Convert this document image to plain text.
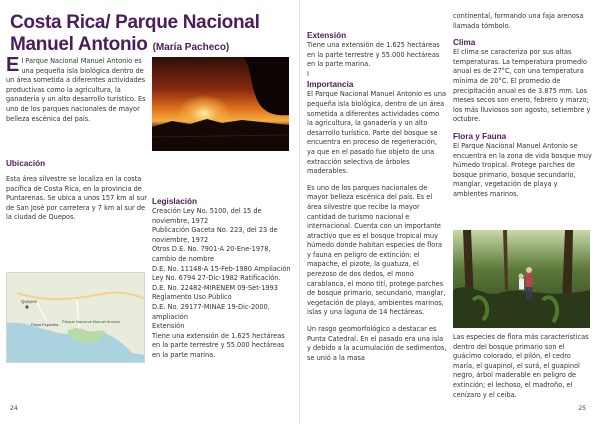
Costa Rica/ Parque Nacional
Manuel Antonio (María Pacheco)
El Parque Nacional Manuel Antonio es una pequeña isla biológica dentro de un área sometida a diferentes actividades productivas como la agricultura, la ganadería y un alto desarrollo turístico. Es uno de los parques nacionales de mayor belleza escénica del país.
Ubicación
Esta área silvestre se localiza en la costa pacífica de Costa Rica, en la provincia de Puntarenas. Se ubica a unos 157 km al sur de San José por carretera y 7 km al sur de la ciudad de Quepos.
Legislación
Creación Ley No. 5100, del 15 de noviembre, 1972
Publicación Gaceta No. 223, del 23 de noviembre, 1972
Otros D.E. No. 7901-A 20-Ene-1978, cambio de nombre
D.E. No. 11148-A 15-Feb-1980 Ampliación
Ley No. 6794 27-Dic-1982 Ratificación.
D.E. No. 22482-MIRENEM 09-Set-1993
Reglamento Uso Público
D.E. No. 29177-MINAE 19-Dic-2000, ampliación
Extensión
Tiene una extensión de 1.625 hectáreas en la parte terrestre y 55.000 hectáreas en la parte marina.
Quepos
Playa Espadilla
Parque Nacional Manuel Antonio
24
Extensión
Tiene una extensión de 1.625 hectáreas en la parte terrestre y 55.000 hectáreas en la parte marina.
I
Importancia

El Parque Nacional Manuel Antonio es una pequeña isla biológica, dentro de un área sometida a diferentes actividades como la agricultura, la ganadería y un alto desarrollo turístico. Parte del bosque se encuentra en proceso de regeneración, ya que en el pasado fue objeto de una extracción selectiva de árboles maderables.

Es uno de los parques nacionales de mayor belleza escénica del país. Es el área silvestre que recibe la mayor cantidad de turismo nacional e internacional. Cuenta con un importante atractivo que es el bosque tropical muy húmedo donde habitan especies de flora y fauna en peligro de extinción: el mapache, el pizote, la guatuza, el perezoso de dos dedos, el mono carablanca, el mono tití, protege parches de bosque primario, secundario, manglar, vegetación de playa, ambientes marinos, islas y una laguna de 14 hectáreas.

Un rasgo geomorfológico a destacar es Punta Catedral. En el pasado era una isla y debido a la acumulación de sedimentos, se unió a la masa

continental, formando una faja arenosa llamada tómbolo.
Clima
El clima se caracteriza por sus altas temperaturas. La temperatura promedio anual es de 27°C, con una temperatura mínima de 20°C. El promedio de precipitación anual es de 3.875 mm. Los meses secos son enero, febrero y marzo; los más lluviosos son agosto, setiembre y octubre.
Flora y Fauna
El Parque Nacional Manuel Antonio se encuentra en la zona de vida bosque muy húmedo tropical. Protege parches de bosque primario, bosque secundario, manglar, vegetación de playa y ambientes marinos.
Las especies de flora más características dentro del bosque primario son el guácimo colorado, el pilón, el cedro maría, el guapinol, el surá, el guapinol negro, árbol maderable en peligro de extinción; el lechoso, el madroño, el cenízaro y el ceiba.
25
